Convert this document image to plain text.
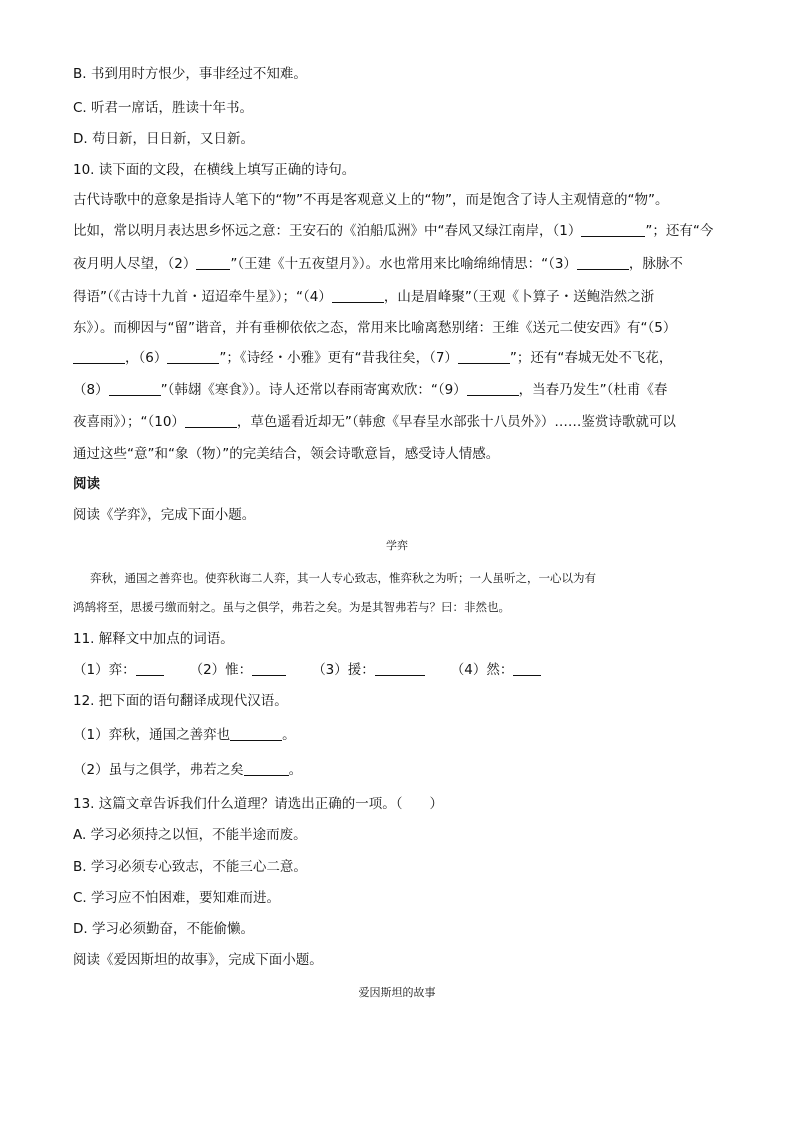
B. 书到用时方恨少，事非经过不知难。
C. 听君一席话，胜读十年书。
D. 苟日新，日日新，又日新。
10. 读下面的文段，在横线上填写正确的诗句。
古代诗歌中的意象是指诗人笔下的“物”不再是客观意义上的“物”，而是饱含了诗人主观情意的“物”。
比如，常以明月表达思乡怀远之意：王安石的《泊船瓜洲》中“春风又绿江南岸，（1）	”；还有“今
夜月明人尽望，（2）	”（王建《十五夜望月》）。水也常用来比喻绵绵情思：“（3）	，脉脉不
得语”（《古诗十九首・迢迢牵牛星》）；“（4）	，山是眉峰聚”（王观《卜算子・送鲍浩然之浙
东》）。而柳因与“留”谐音，并有垂柳依依之态，常用来比喻离愁别绪：王维《送元二使安西》有“（5）
，（6）	”；《诗经・小雅》更有“昔我往矣，（7）	”；还有“春城无处不飞花，
（8）	”（韩翃《寒食》）。诗人还常以春雨寄寓欢欣：“（9）	，当春乃发生”（杜甫《春
夜喜雨》）；“（10）	，草色遥看近却无”（韩愈《早春呈水部张十八员外》）……鉴赏诗歌就可以
通过这些“意”和“象（物）”的完美结合，领会诗歌意旨，感受诗人情感。
阅读
阅读《学弈》，完成下面小题。
学弈
弈秋，通国之善弈也。使弈秋诲二人弈，其一人专心致志，惟弈秋之为听；一人虽听之，一心以为有
鸿鹄将至，思援弓缴而射之。虽与之俱学，弗若之矣。为是其智弗若与？曰：非然也。
11. 解释文中加点的词语。
（1）弈：	（2）惟：	（3）援：	（4）然：
12. 把下面的语句翻译成现代汉语。
（1）弈秋，通国之善弈也	。
（2）虽与之俱学，弗若之矣	。
13. 这篇文章告诉我们什么道理？请选出正确的一项。（　　）
A. 学习必须持之以恒，不能半途而废。
B. 学习必须专心致志，不能三心二意。
C. 学习应不怕困难，要知难而进。
D. 学习必须勤奋，不能偷懒。
阅读《爱因斯坦的故事》，完成下面小题。
爱因斯坦的故事
